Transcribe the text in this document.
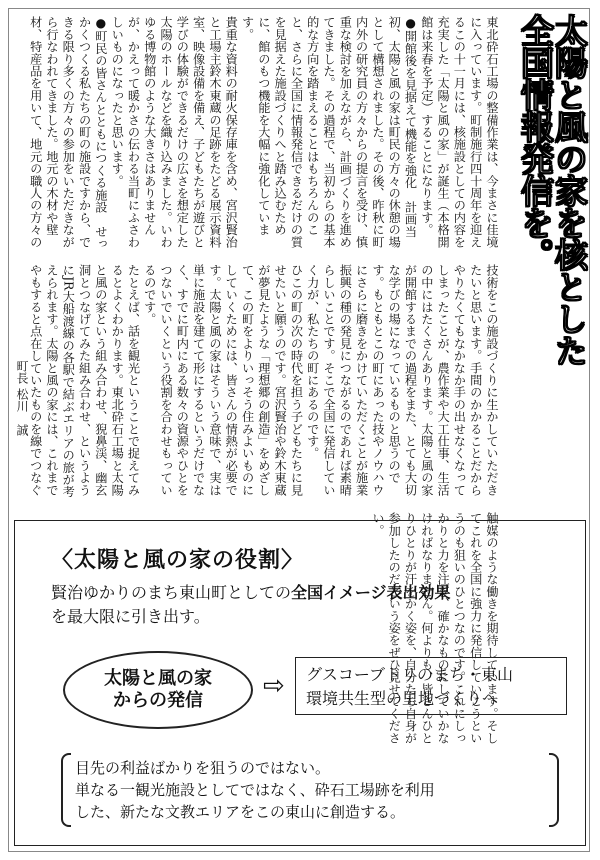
太陽と風の家を核とした
全国情報発信を。

東北砕石工場の整備作業は、今まさに佳境に入っています。町制施行四十周年を迎えるこの十一月には、核施設としての内容を充実した「太陽と風の家」が誕生（本格開館は来春を予定）することになります。

●開館後を見据えて機能を強化　計画当初、太陽と風の家は町民の方々の休憩の場として構想されました。その後、昨秋に町内外の研究員の方々からの提言を受け、慎重な検討を加えながら、計画づくりを進めてきました。その過程で、当初からの基本的な方向を踏まえることはもちろんのこと、さらに全国に情報発信できるだけの質を見据えた施設づくりへと踏み込むために、館のもつ機能を大幅に強化しています。

貴重な資料の耐火保存庫を含め、宮沢賢治と工場主鈴木東蔵の足跡をたどる展示資料室、映像設備を備え、子どもたちが遊びと学びの体験ができるだけの広さを想定した太陽のホールなどを織り込みました。いわゆる博物館のような大きさはありませんが、かえって暖かさの伝わる当町にふさわしいものになったと思います。

●町民の皆さんとともにつくる施設　せっかくつくる私たちの町の施設ですから、できる限り多くの方々の参加をいただきながら行なわれてきました。地元の木材や壁材、特産品を用いて、地元の職人の方々の技術をこの施設づくりに生かしていただきたいと思います。手間のかかることだからやりたくてもなかなか手の出せなくなってしまったことが、農作業や大工仕事、生活の中にはたくさんあります。太陽と風の家が開館するまでの過程をまた、とても大切な学びの場になっているものと思うのです。もともとこの町にあった技やノウハウにさらに磨きをかけていただくことが施業振興の種の発見につながるのであれば素晴らしいことです。そこで全国に発信していく力が、私たちの町にあるのです。

ひこの町の次の時代を担う子どもたちに見せたいと願うのです。宮沢賢治や鈴木東蔵が夢見たような「理想郷の創造」をめざして、この町をよりいっそう住みよいものにしていくためには、皆さんの情熱が必要です。太陽と風の家はそういう意味で、実は単に施設を建てて形にするというだけでなく、すでに町内にある数々の資源やひとをつないでいくという役割を合わせもっているのです。

たとえば、話を観光ということで捉えてみるとよくわかります。東北砕石工場と太陽と風の家という組み合わせ、猊鼻渓、幽玄洞とつなげてみた組み合わせ、というようにJR大船渡線の各駅で結ぶエリアの旅が考えられます。太陽と風の家には、これまでやもすると点在していたものを線でつなぐ触媒のような働きを期待しています。そしてこれを全国に強力に発信していこうというのも狙いのひとつなのです。これにしっかりと力を注ぎ、確かなものにしていかなければなりません。何よりも、皆さんひとりひとりが汗をかく姿を、自分たち自身が参加したのだという姿をぜひ見せてください。

町長 松川　誠
〈太陽と風の家の役割〉
賢治ゆかりのまち東山町としての全国イメージ表出効果
を最大限に引き出す。
太陽と風の家
からの発信	⇨	グスコーブドリのまち・東山
環境共生型の里地づくりへ
目先の利益ばかりを狙うのではない。
単なる一観光施設としてではなく、砕石工場跡を利用
した、新たな文教エリアをこの東山に創造する。
